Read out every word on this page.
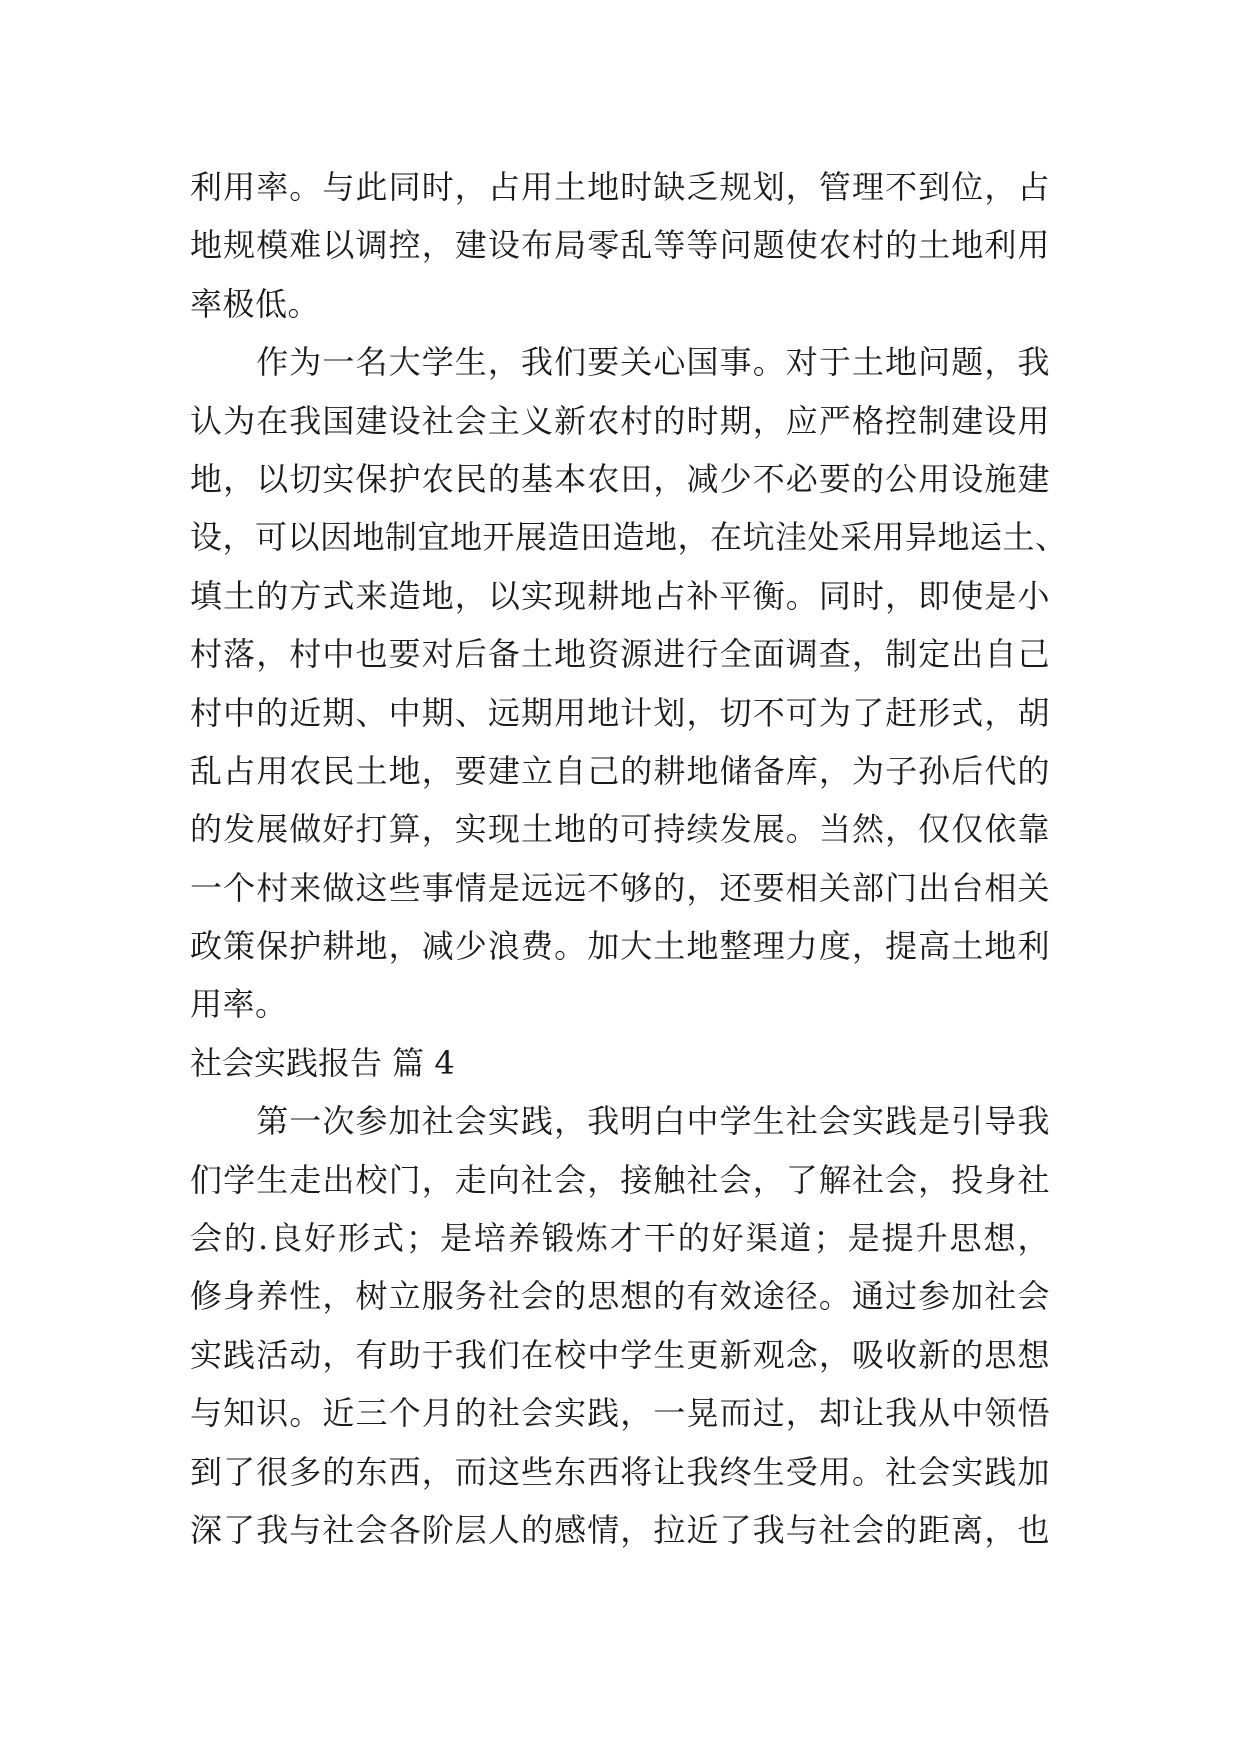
利用率。与此同时，占用土地时缺乏规划，管理不到位，占
地规模难以调控，建设布局零乱等等问题使农村的土地利用
率极低。
　　作为一名大学生，我们要关心国事。对于土地问题，我
认为在我国建设社会主义新农村的时期，应严格控制建设用
地，以切实保护农民的基本农田，减少不必要的公用设施建
设，可以因地制宜地开展造田造地，在坑洼处采用异地运土、
填土的方式来造地，以实现耕地占补平衡。同时，即使是小
村落，村中也要对后备土地资源进行全面调查，制定出自己
村中的近期、中期、远期用地计划，切不可为了赶形式，胡
乱占用农民土地，要建立自己的耕地储备库，为子孙后代的
的发展做好打算，实现土地的可持续发展。当然，仅仅依靠
一个村来做这些事情是远远不够的，还要相关部门出台相关
政策保护耕地，减少浪费。加大土地整理力度，提高土地利
用率。
社会实践报告 篇 4
　　第一次参加社会实践，我明白中学生社会实践是引导我
们学生走出校门，走向社会，接触社会，了解社会，投身社
会的.良好形式；是培养锻炼才干的好渠道；是提升思想，
修身养性，树立服务社会的思想的有效途径。通过参加社会
实践活动，有助于我们在校中学生更新观念，吸收新的思想
与知识。近三个月的社会实践，一晃而过，却让我从中领悟
到了很多的东西，而这些东西将让我终生受用。社会实践加
深了我与社会各阶层人的感情，拉近了我与社会的距离，也
